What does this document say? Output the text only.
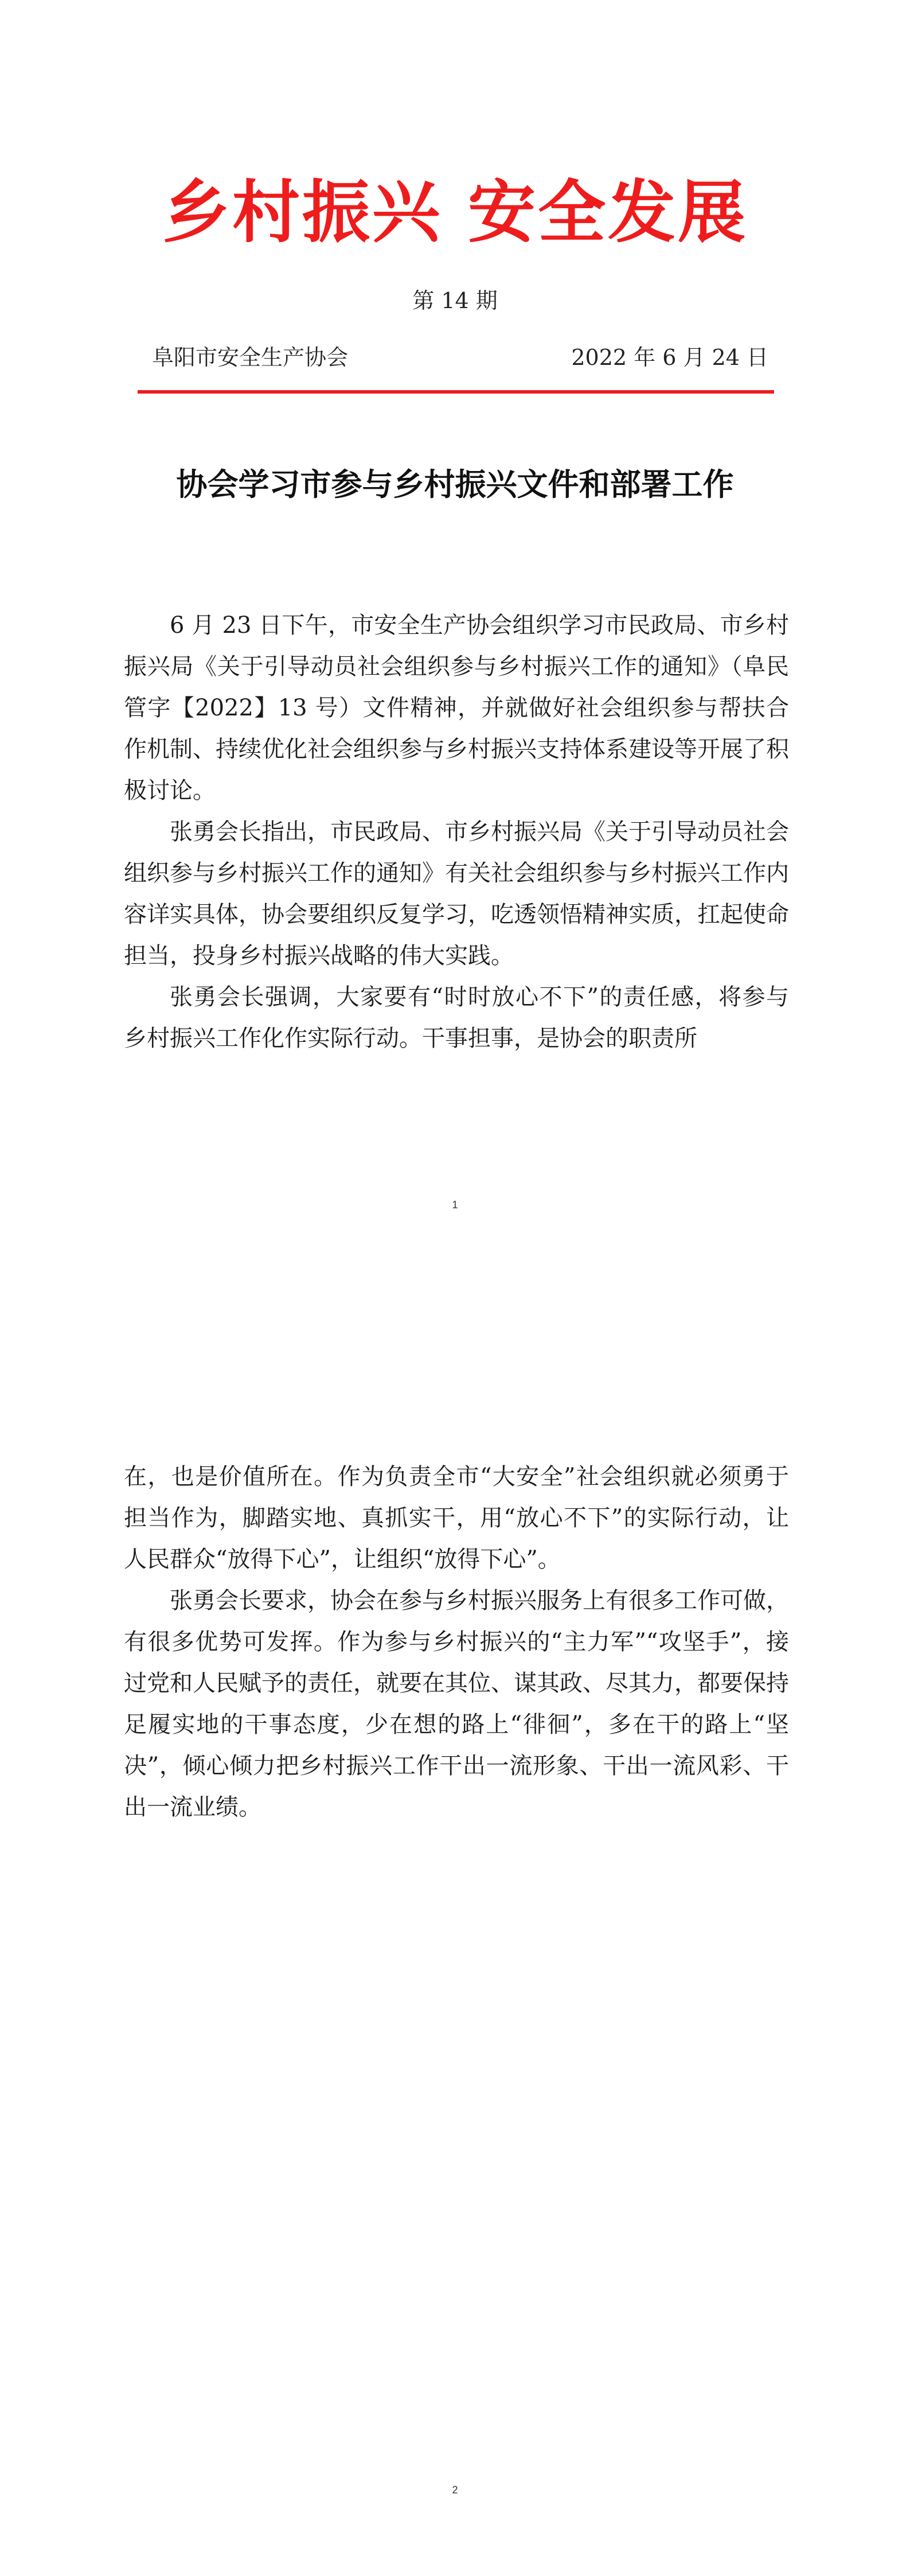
乡村振兴 安全发展
第 14 期
阜阳市安全生产协会	2022 年 6 月 24 日
协会学习市参与乡村振兴文件和部署工作

6 月 23 日下午，市安全生产协会组织学习市民政局、市乡村振兴局《关于引导动员社会组织参与乡村振兴工作的通知》（阜民管字【2022】13 号）文件精神，并就做好社会组织参与帮扶合作机制、持续优化社会组织参与乡村振兴支持体系建设等开展了积极讨论。

张勇会长指出，市民政局、市乡村振兴局《关于引导动员社会组织参与乡村振兴工作的通知》有关社会组织参与乡村振兴工作内容详实具体，协会要组织反复学习，吃透领悟精神实质，扛起使命担当，投身乡村振兴战略的伟大实践。

张勇会长强调，大家要有“时时放心不下”的责任感，将参与乡村振兴工作化作实际行动。干事担事，是协会的职责所

1
2

在，也是价值所在。作为负责全市“大安全”社会组织就必须勇于担当作为，脚踏实地、真抓实干，用“放心不下”的实际行动，让人民群众“放得下心”，让组织“放得下心”。

张勇会长要求，协会在参与乡村振兴服务上有很多工作可做，有很多优势可发挥。作为参与乡村振兴的“主力军”“攻坚手”，接过党和人民赋予的责任，就要在其位、谋其政、尽其力，都要保持足履实地的干事态度，少在想的路上“徘徊”，多在干的路上“坚决”，倾心倾力把乡村振兴工作干出一流形象、干出一流风彩、干出一流业绩。
